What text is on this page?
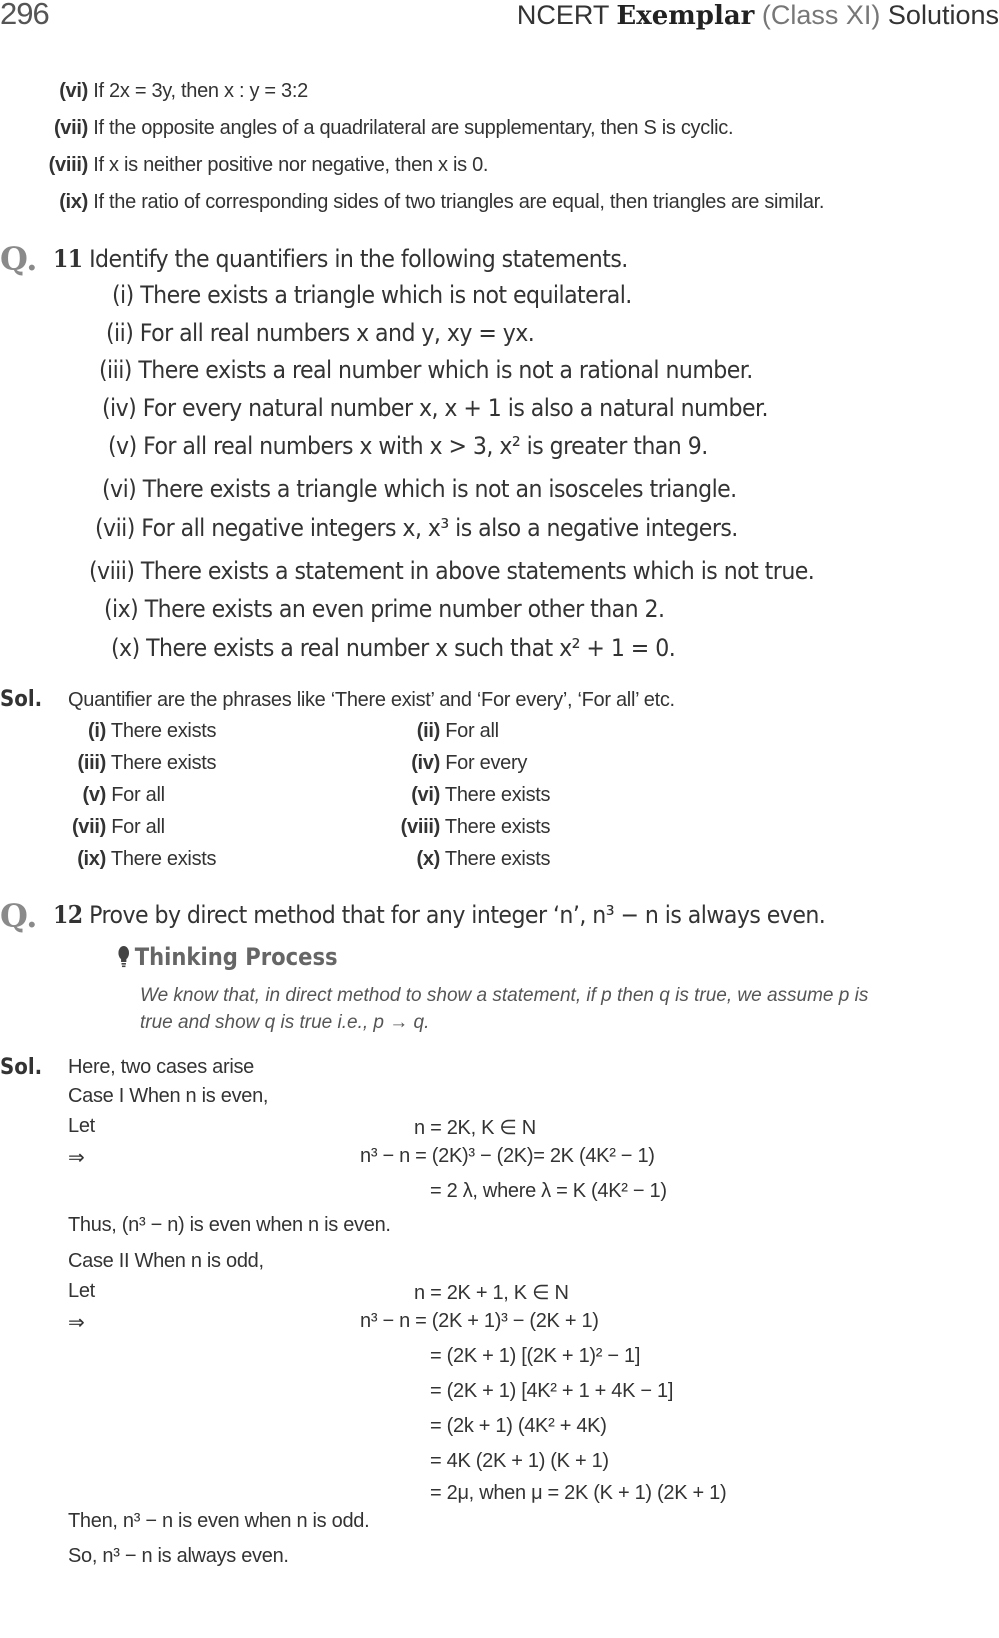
296	NCERT Exemplar (Class XI) Solutions
(vi) If 2x = 3y, then x : y = 3:2
(vii) If the opposite angles of a quadrilateral are supplementary, then S is cyclic.
(viii) If x is neither positive nor negative, then x is 0.
(ix) If the ratio of corresponding sides of two triangles are equal, then triangles are similar.
Q. 11 Identify the quantifiers in the following statements.
(i) There exists a triangle which is not equilateral.
(ii) For all real numbers x and y, xy = yx.
(iii) There exists a real number which is not a rational number.
(iv) For every natural number x, x + 1 is also a natural number.
(v) For all real numbers x with x > 3, x² is greater than 9.
(vi) There exists a triangle which is not an isosceles triangle.
(vii) For all negative integers x, x³ is also a negative integers.
(viii) There exists a statement in above statements which is not true.
(ix) There exists an even prime number other than 2.
(x) There exists a real number x such that x² + 1 = 0.
Sol. Quantifier are the phrases like ‘There exist’ and ‘For every’, ‘For all’ etc.
(i) There exists	(ii) For all
(iii) There exists	(iv) For every
(v) For all	(vi) There exists
(vii) For all	(viii) There exists
(ix) There exists	(x) There exists
Q. 12 Prove by direct method that for any integer ‘n’, n³ − n is always even.
Thinking Process
We know that, in direct method to show a statement, if p then q is true, we assume p is
true and show q is true i.e., p → q.
Sol. Here, two cases arise
Case I When n is even,
Let	n = 2K, K ∈ N
⇒	n³ − n = (2K)³ − (2K)= 2K (4K² − 1)
= 2 λ, where λ = K (4K² − 1)
Thus, (n³ − n) is even when n is even.
Case II When n is odd,
Let	n = 2K + 1, K ∈ N
⇒	n³ − n = (2K + 1)³ − (2K + 1)
= (2K + 1) [(2K + 1)² − 1]
= (2K + 1) [4K² + 1 + 4K − 1]
= (2k + 1) (4K² + 4K)
= 4K (2K + 1) (K + 1)
= 2μ, when μ = 2K (K + 1) (2K + 1)
Then, n³ − n is even when n is odd.
So, n³ − n is always even.
